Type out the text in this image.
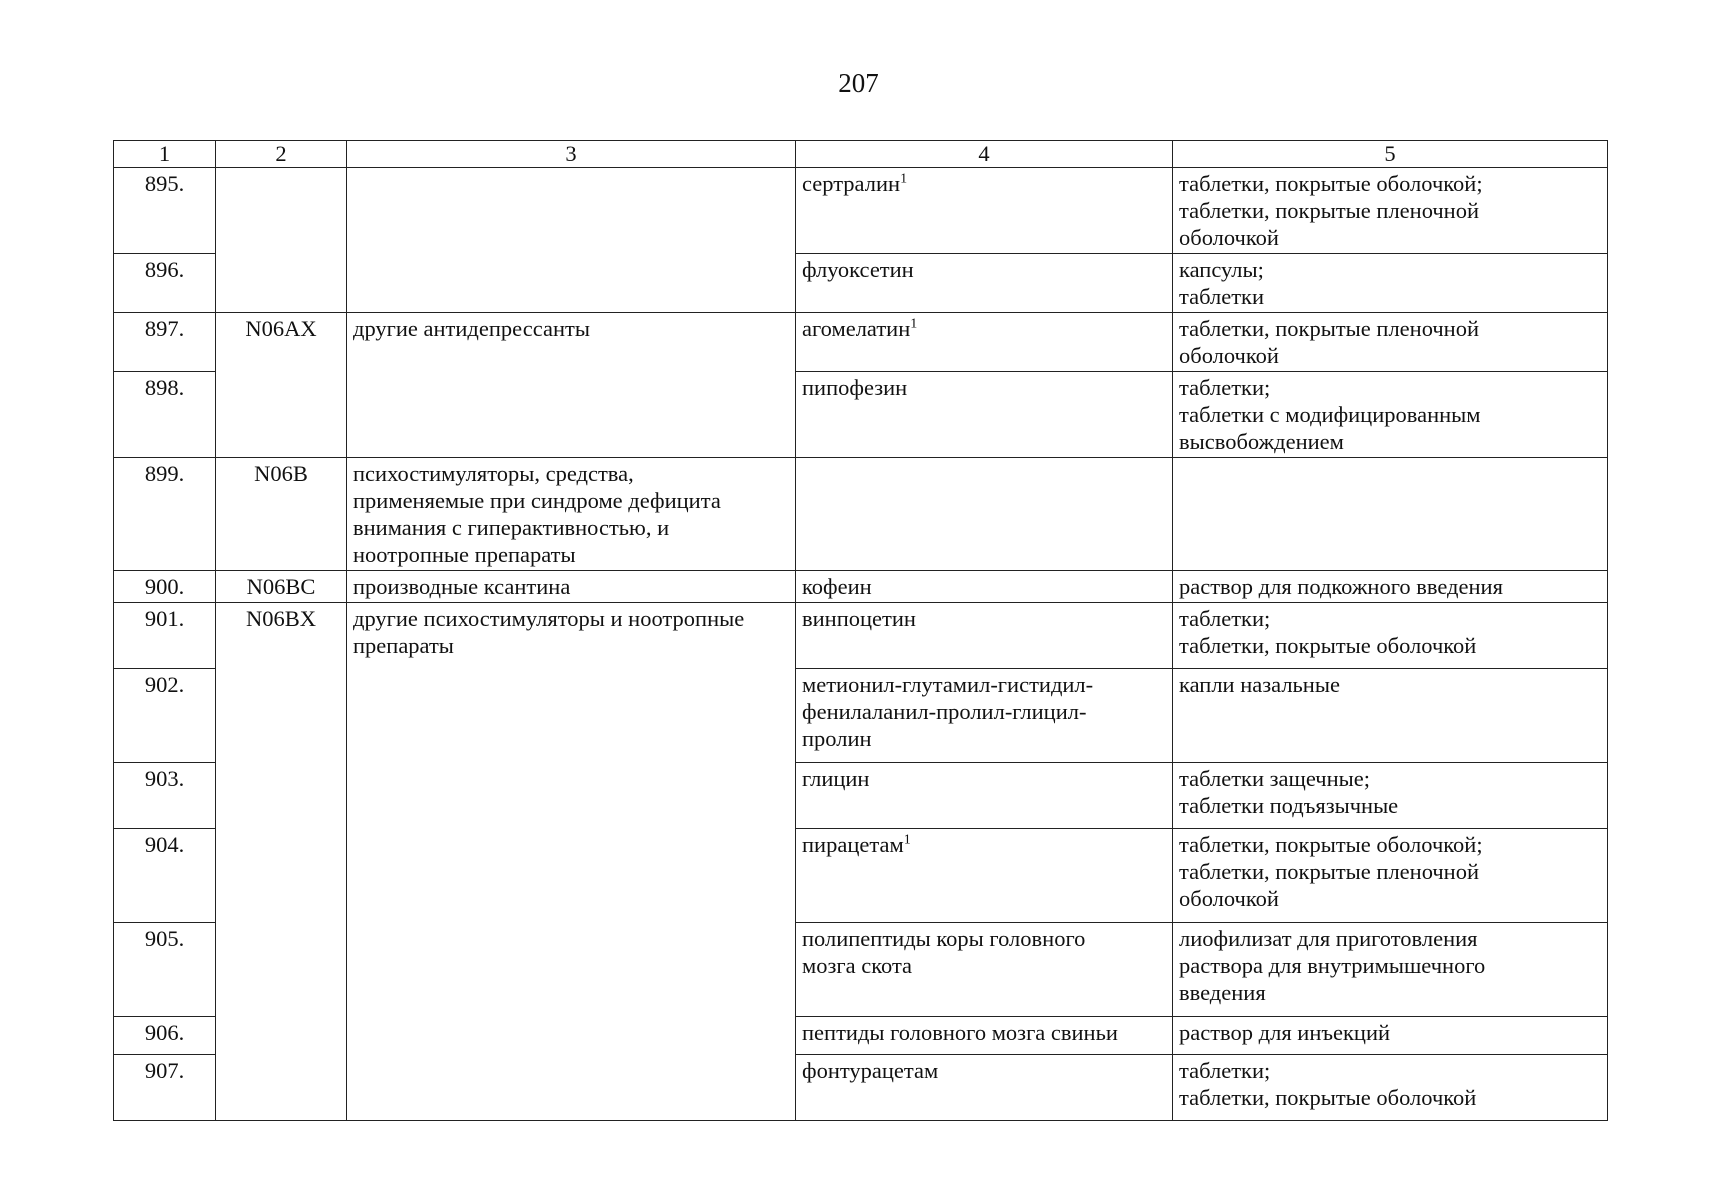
207
1	2	3	4	5
895.			сертралин$^1$	таблетки, покрытые оболочкой;
таблетки, покрытые пленочной
оболочкой

896.			флуоксетин	капсулы;
таблетки

897.	N06AX	другие антидепрессанты	агомелатин$^1$	таблетки, покрытые пленочной
оболочкой

898.			пипофезин	таблетки;
таблетки с модифицированным
высвобождением

899.	N06B	психостимуляторы, средства,
применяемые при синдроме дефицита
внимания с гиперактивностью, и
ноотропные препараты		

900.	N06BC	производные ксантина	кофеин	раствор для подкожного введения

901.	N06BX	другие психостимуляторы и ноотропные
препараты	винпоцетин	таблетки;
таблетки, покрытые оболочкой

902.			метионил-глутамил-гистидил-
фенилаланил-пролил-глицил-
пролин	капли назальные

903.			глицин	таблетки защечные;
таблетки подъязычные

904.			пирацетам$^1$	таблетки, покрытые оболочкой;
таблетки, покрытые пленочной
оболочкой

905.			полипептиды коры головного
мозга скота	лиофилизат для приготовления
раствора для внутримышечного
введения

906.			пептиды головного мозга свиньи	раствор для инъекций

907.			фонтурацетам	таблетки;
таблетки, покрытые оболочкой
